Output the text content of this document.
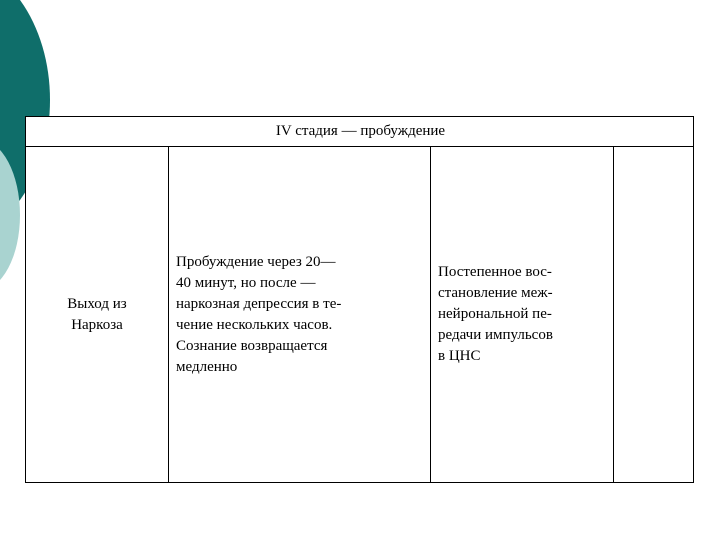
IV стадия — пробуждение
Выход из
Наркоза
Пробуждение через 20—
40 минут, но после —
наркозная депрессия в те-
чение нескольких часов.
Сознание возвращается
медленно
Постепенное вос-
становление меж-
нейрональной пе-
редачи импульсов
в ЦНС
